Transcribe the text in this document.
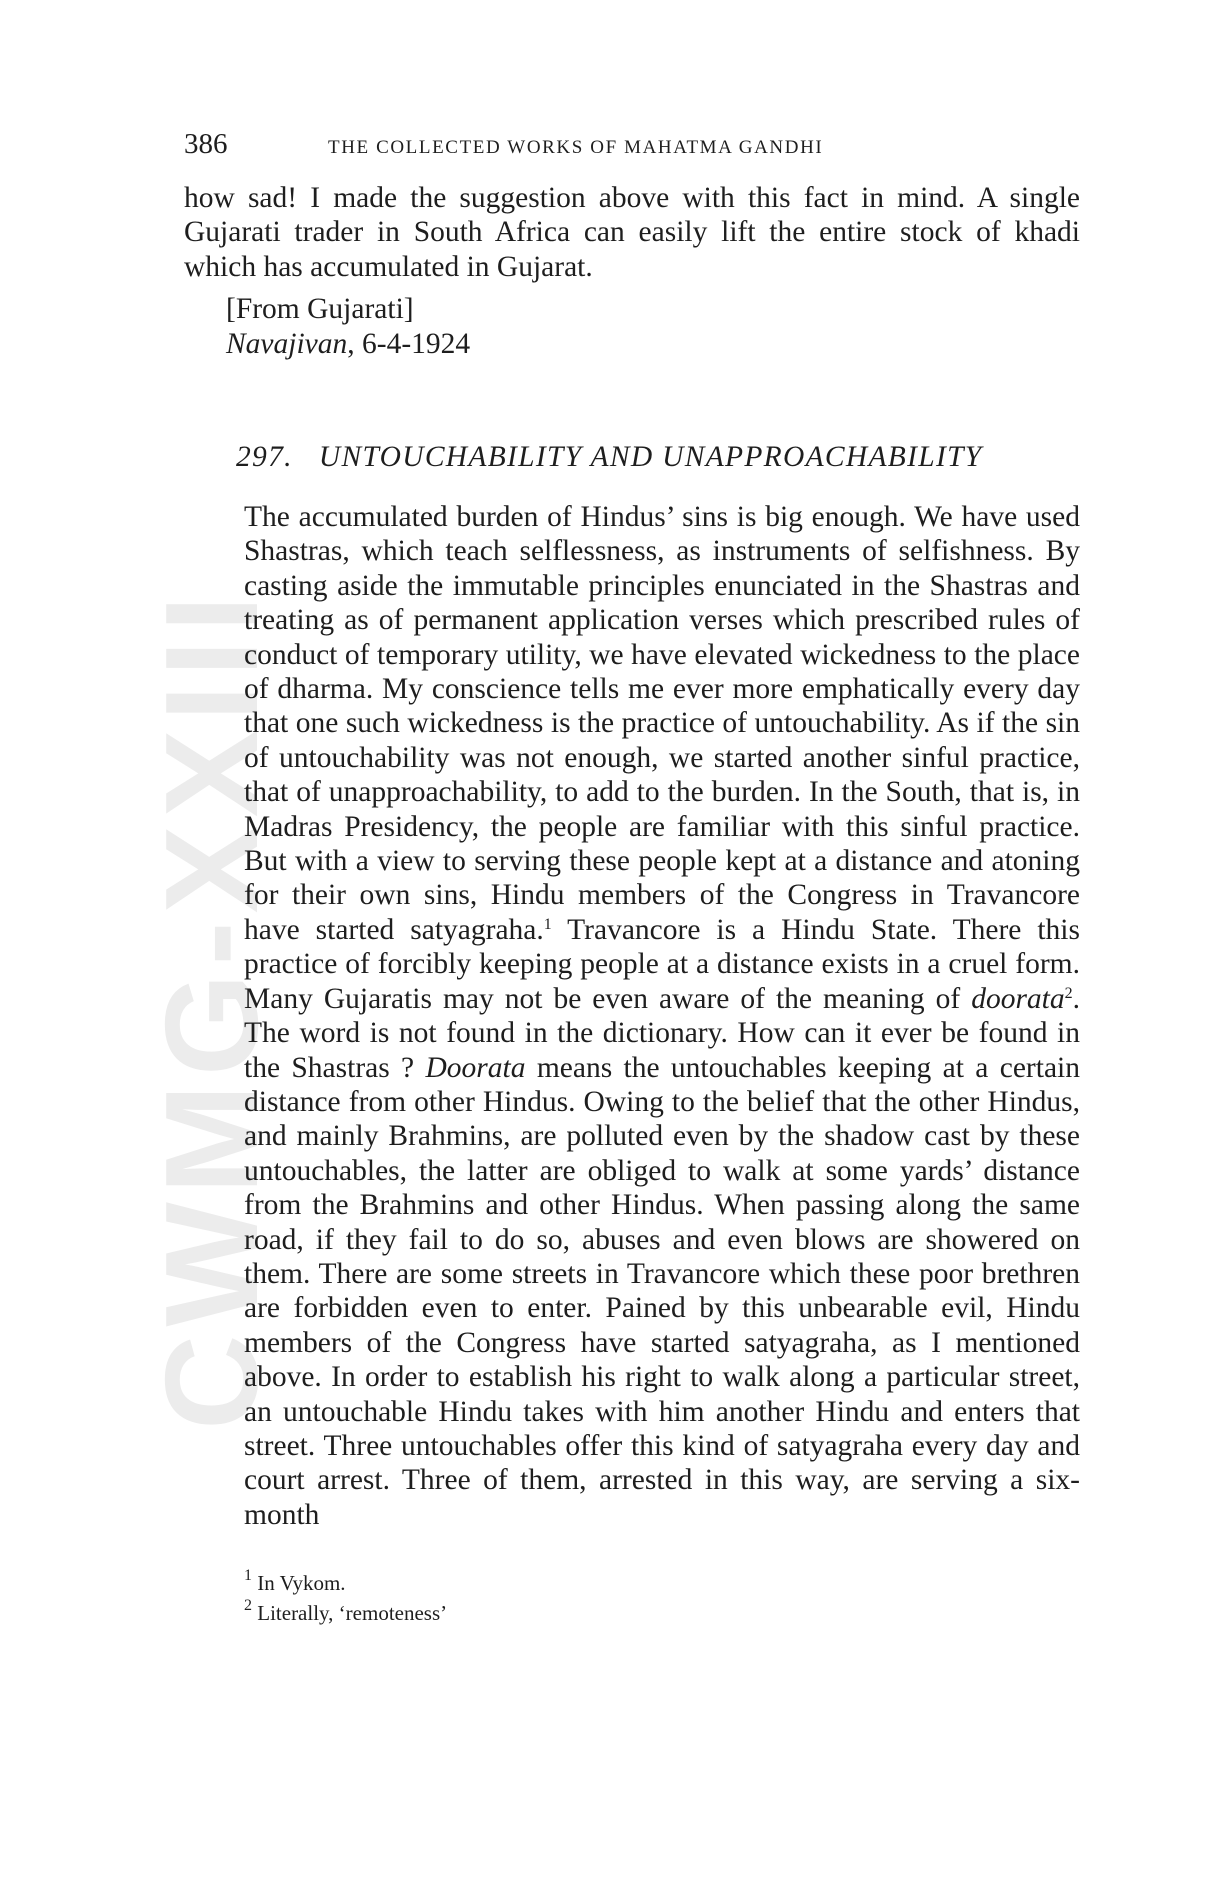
CWMG-XXIII
386	THE COLLECTED WORKS OF MAHATMA GANDHI

how sad! I made the suggestion above with this fact in mind. A single Gujarati trader in South Africa can easily lift the entire stock of khadi which has accumulated in Gujarat.

[From Gujarati]
Navajivan, 6-4-1924
297. UNTOUCHABILITY AND UNAPPROACHABILITY

The accumulated burden of Hindus’ sins is big enough. We have used Shastras, which teach selflessness, as instruments of selfishness. By casting aside the immutable principles enunciated in the Shastras and treating as of permanent application verses which prescribed rules of conduct of temporary utility, we have elevated wickedness to the place of dharma. My conscience tells me ever more emphatically every day that one such wickedness is the practice of untouchability. As if the sin of untouchability was not enough, we started another sinful practice, that of unapproachability, to add to the burden. In the South, that is, in Madras Presidency, the people are familiar with this sinful practice. But with a view to serving these people kept at a distance and atoning for their own sins, Hindu members of the Congress in Travancore have started satyagraha.$^1$ Travancore is a Hindu State. There this practice of forcibly keeping people at a distance exists in a cruel form. Many Gujaratis may not be even aware of the meaning of doorata$^2$. The word is not found in the dictionary. How can it ever be found in the Shastras ? Doorata means the untouchables keeping at a certain distance from other Hindus. Owing to the belief that the other Hindus, and mainly Brahmins, are polluted even by the shadow cast by these untouchables, the latter are obliged to walk at some yards’ distance from the Brahmins and other Hindus. When passing along the same road, if they fail to do so, abuses and even blows are showered on them. There are some streets in Travancore which these poor brethren are forbidden even to enter. Pained by this unbearable evil, Hindu members of the Congress have started satyagraha, as I mentioned above. In order to establish his right to walk along a particular street, an untouchable Hindu takes with him another Hindu and enters that street. Three untouchables offer this kind of satyagraha every day and court arrest. Three of them, arrested in this way, are serving a six-month

$^1$ In Vykom.
$^2$ Literally, ‘remoteness’
